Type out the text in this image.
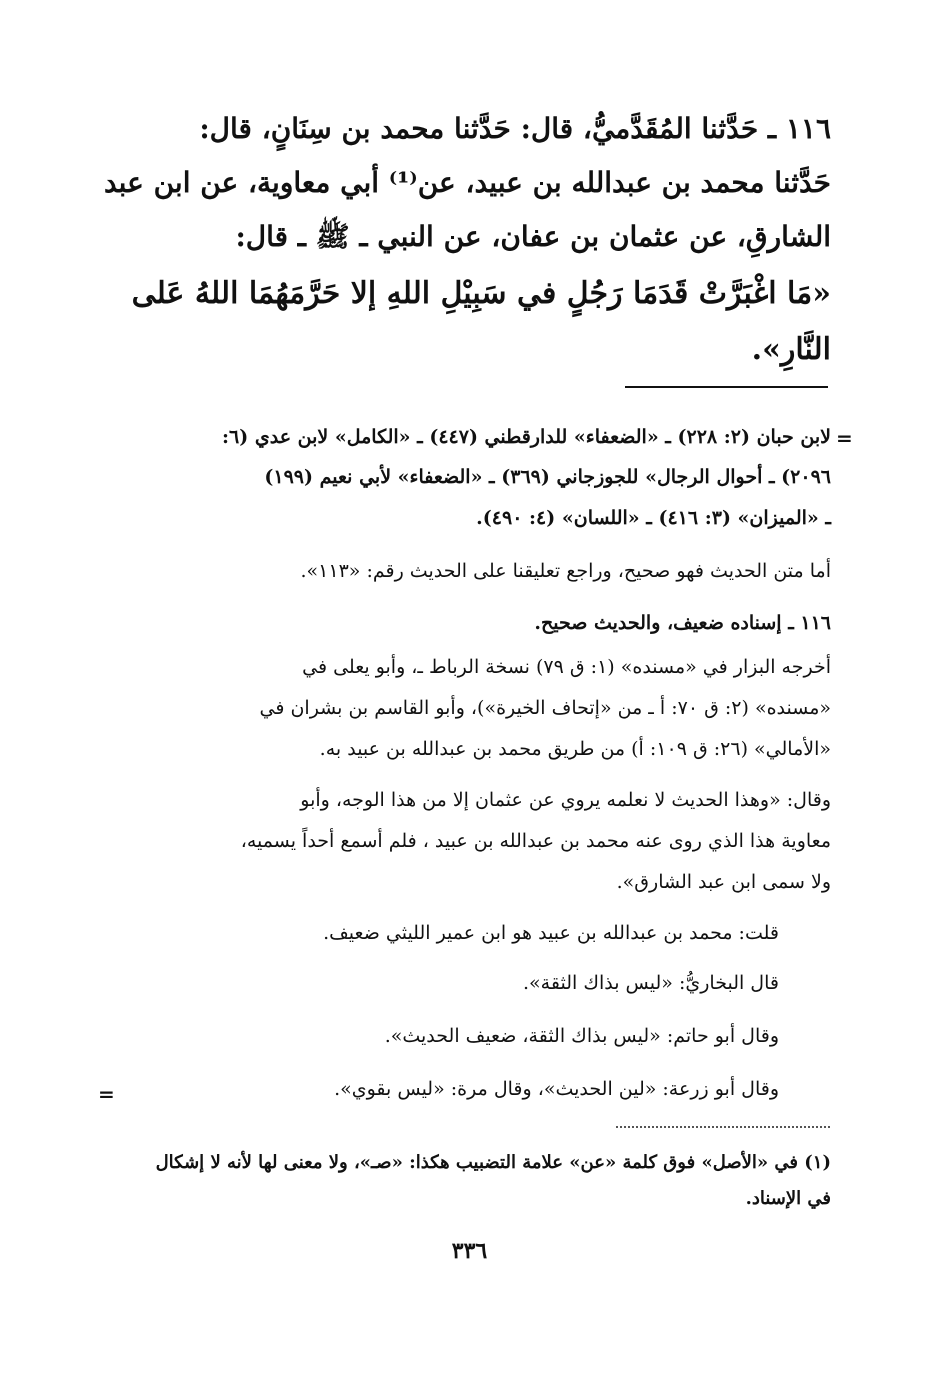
١١٦ ـ حَدَّثنا المُقَدَّميُّ، قال: حَدَّثنا محمد بن سِنَانٍ، قال:

حَدَّثنا محمد بن عبدالله بن عبيد، عن⁽¹⁾ أبي معاوية، عن ابن عبد

الشارقِ، عن عثمان بن عفان، عن النبي ـ ﷺ ـ قال:

«مَا اغْبَرَّتْ قَدَمَا رَجُلٍ في سَبِيْلِ اللهِ إلا حَرَّمَهُمَا اللهُ عَلى

النَّارِ».

=

لابن حبان (٢: ٢٢٨) ـ «الضعفاء» للدارقطني (٤٤٧) ـ «الكامل» لابن عدي (٦:

٢٠٩٦) ـ أحوال الرجال» للجوزجاني (٣٦٩) ـ «الضعفاء» لأبي نعيم (١٩٩)

ـ «الميزان» (٣: ٤١٦) ـ «اللسان» (٤: ٤٩٠).

أما متن الحديث فهو صحيح، وراجع تعليقنا على الحديث رقم: «١١٣».

١١٦ ـ إسناده ضعيف، والحديث صحيح.

أخرجه البزار في «مسنده» (١: ق ٧٩) نسخة الرباط ـ، وأبو يعلى في

«مسنده» (٢: ق ٧٠: أ ـ من «إتحاف الخيرة»)، وأبو القاسم بن بشران في

«الأمالي» (٢٦: ق ١٠٩: أ) من طريق محمد بن عبدالله بن عبيد به.

وقال: «وهذا الحديث لا نعلمه يروي عن عثمان إلا من هذا الوجه، وأبو

معاوية هذا الذي روى عنه محمد بن عبدالله بن عبيد ، فلم أسمع أحداً يسميه،

ولا سمى ابن عبد الشارق».

قلت: محمد بن عبدالله بن عبيد هو ابن عمير الليثي ضعيف.

قال البخاريُّ: «ليس بذاك الثقة».

وقال أبو حاتم: «ليس بذاك الثقة، ضعيف الحديث».

وقال أبو زرعة: «لين الحديث»، وقال مرة: «ليس بقوي».

=

(١) في «الأصل» فوق كلمة «عن» علامة التضبيب هكذا: «صـ»، ولا معنى لها لأنه لا إشكال

في الإسناد.

٣٣٦
